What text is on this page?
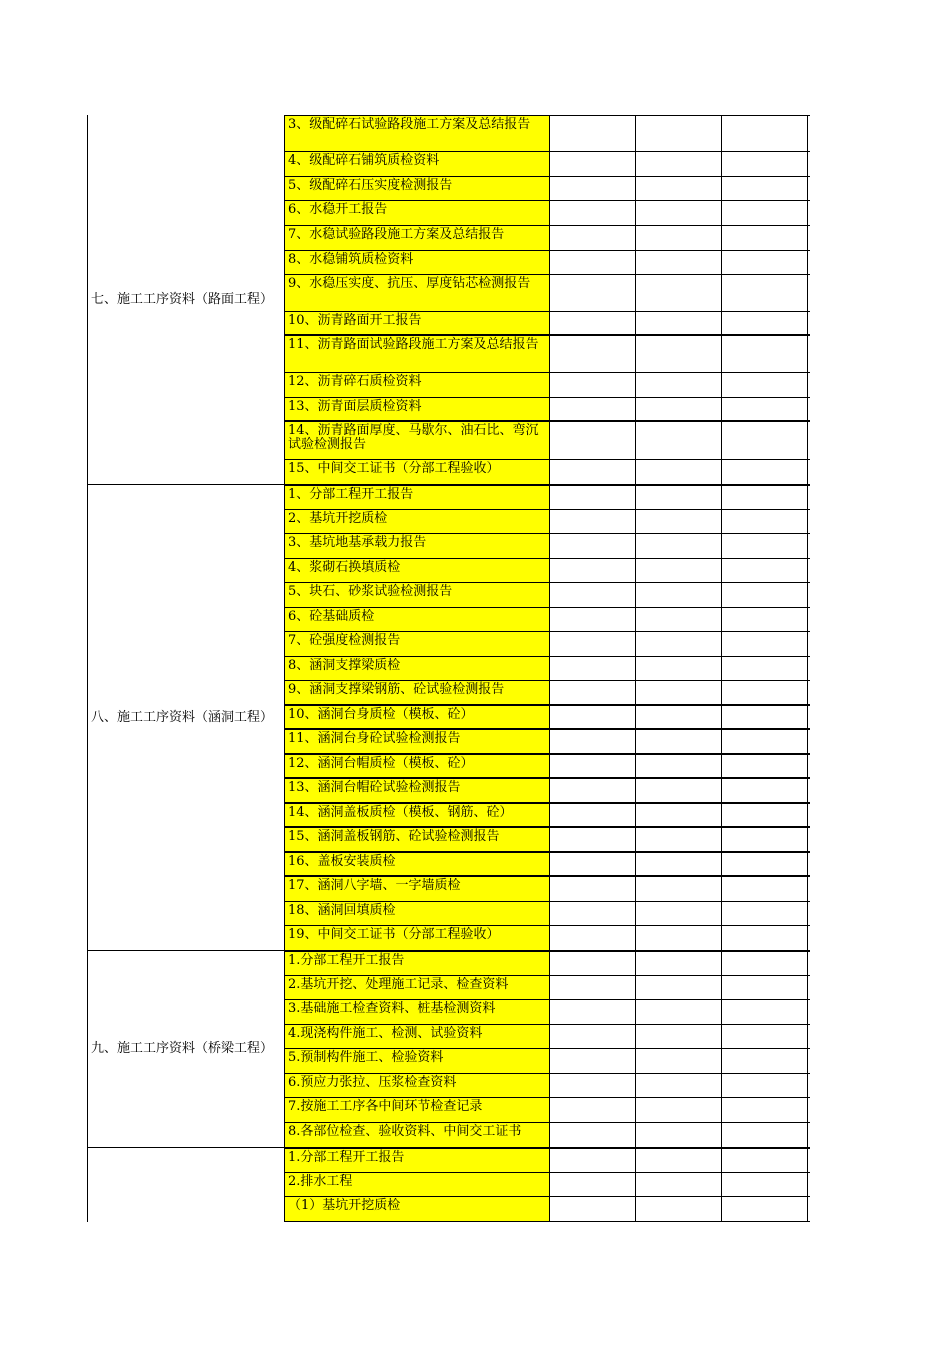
七、施工工序资料（路面工程）
3、级配碎石试验路段施工方案及总结报告
4、级配碎石铺筑质检资料
5、级配碎石压实度检测报告
6、水稳开工报告
7、水稳试验路段施工方案及总结报告
8、水稳铺筑质检资料
9、水稳压实度、抗压、厚度钻芯检测报告
10、沥青路面开工报告
11、沥青路面试验路段施工方案及总结报告
12、沥青碎石质检资料
13、沥青面层质检资料
14、沥青路面厚度、马歇尔、油石比、弯沉试验检测报告
15、中间交工证书（分部工程验收）
八、施工工序资料（涵洞工程）
1、分部工程开工报告
2、基坑开挖质检
3、基坑地基承载力报告
4、浆砌石换填质检
5、块石、砂浆试验检测报告
6、砼基础质检
7、砼强度检测报告
8、涵洞支撑梁质检
9、涵洞支撑梁钢筋、砼试验检测报告
10、涵洞台身质检（模板、砼）
11、涵洞台身砼试验检测报告
12、涵洞台帽质检（模板、砼）
13、涵洞台帽砼试验检测报告
14、涵洞盖板质检（模板、钢筋、砼）
15、涵洞盖板钢筋、砼试验检测报告
16、盖板安装质检
17、涵洞八字墙、一字墙质检
18、涵洞回填质检
19、中间交工证书（分部工程验收）
九、施工工序资料（桥梁工程）
1.分部工程开工报告
2.基坑开挖、处理施工记录、检查资料
3.基础施工检查资料、桩基检测资料
4.现浇构件施工、检测、试验资料
5.预制构件施工、检验资料
6.预应力张拉、压浆检查资料
7.按施工工序各中间环节检查记录
8.各部位检查、验收资料、中间交工证书
1.分部工程开工报告
2.排水工程
（1）基坑开挖质检
